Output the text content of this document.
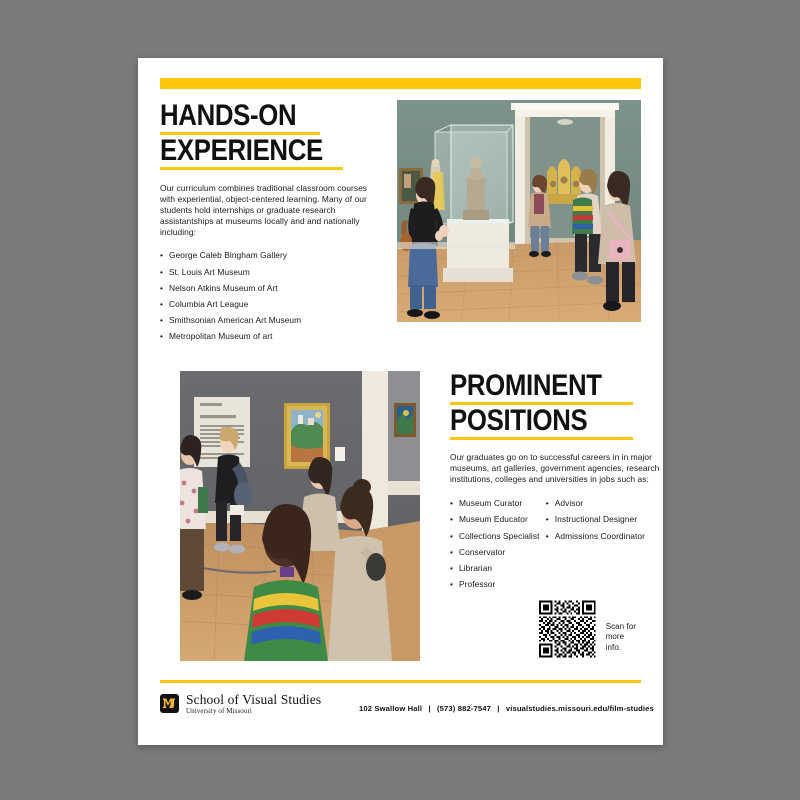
HANDS-ON
EXPERIENCE

Our curriculum combines traditional classroom courses with experiential, object-centered learning. Many of our students hold internships or graduate research assistantships at museums locally and and nationally including:

• George Caleb Bingham Gallery
• St. Louis Art Museum
• Nelson Atkins Museum of Art
• Columbia Art League
• Smithsonian American Art Museum
• Metropolitan Museum of art
PROMINENT
POSITIONS

Our graduates go on to successful careers in in major museums, art galleries, government agencies, research institutions, colleges and universities in jobs such as:

• Museum Curator
• Museum Educator
• Collections Specialist
• Conservator
• Librarian
• Professor
• Advisor
• Instructional Designer
• Admissions Coordinator
Scan for
more info.
School of Visual Studies
University of Missouri	102 Swallow Hall | (573) 882-7547 | visualstudies.missouri.edu/film-studies
